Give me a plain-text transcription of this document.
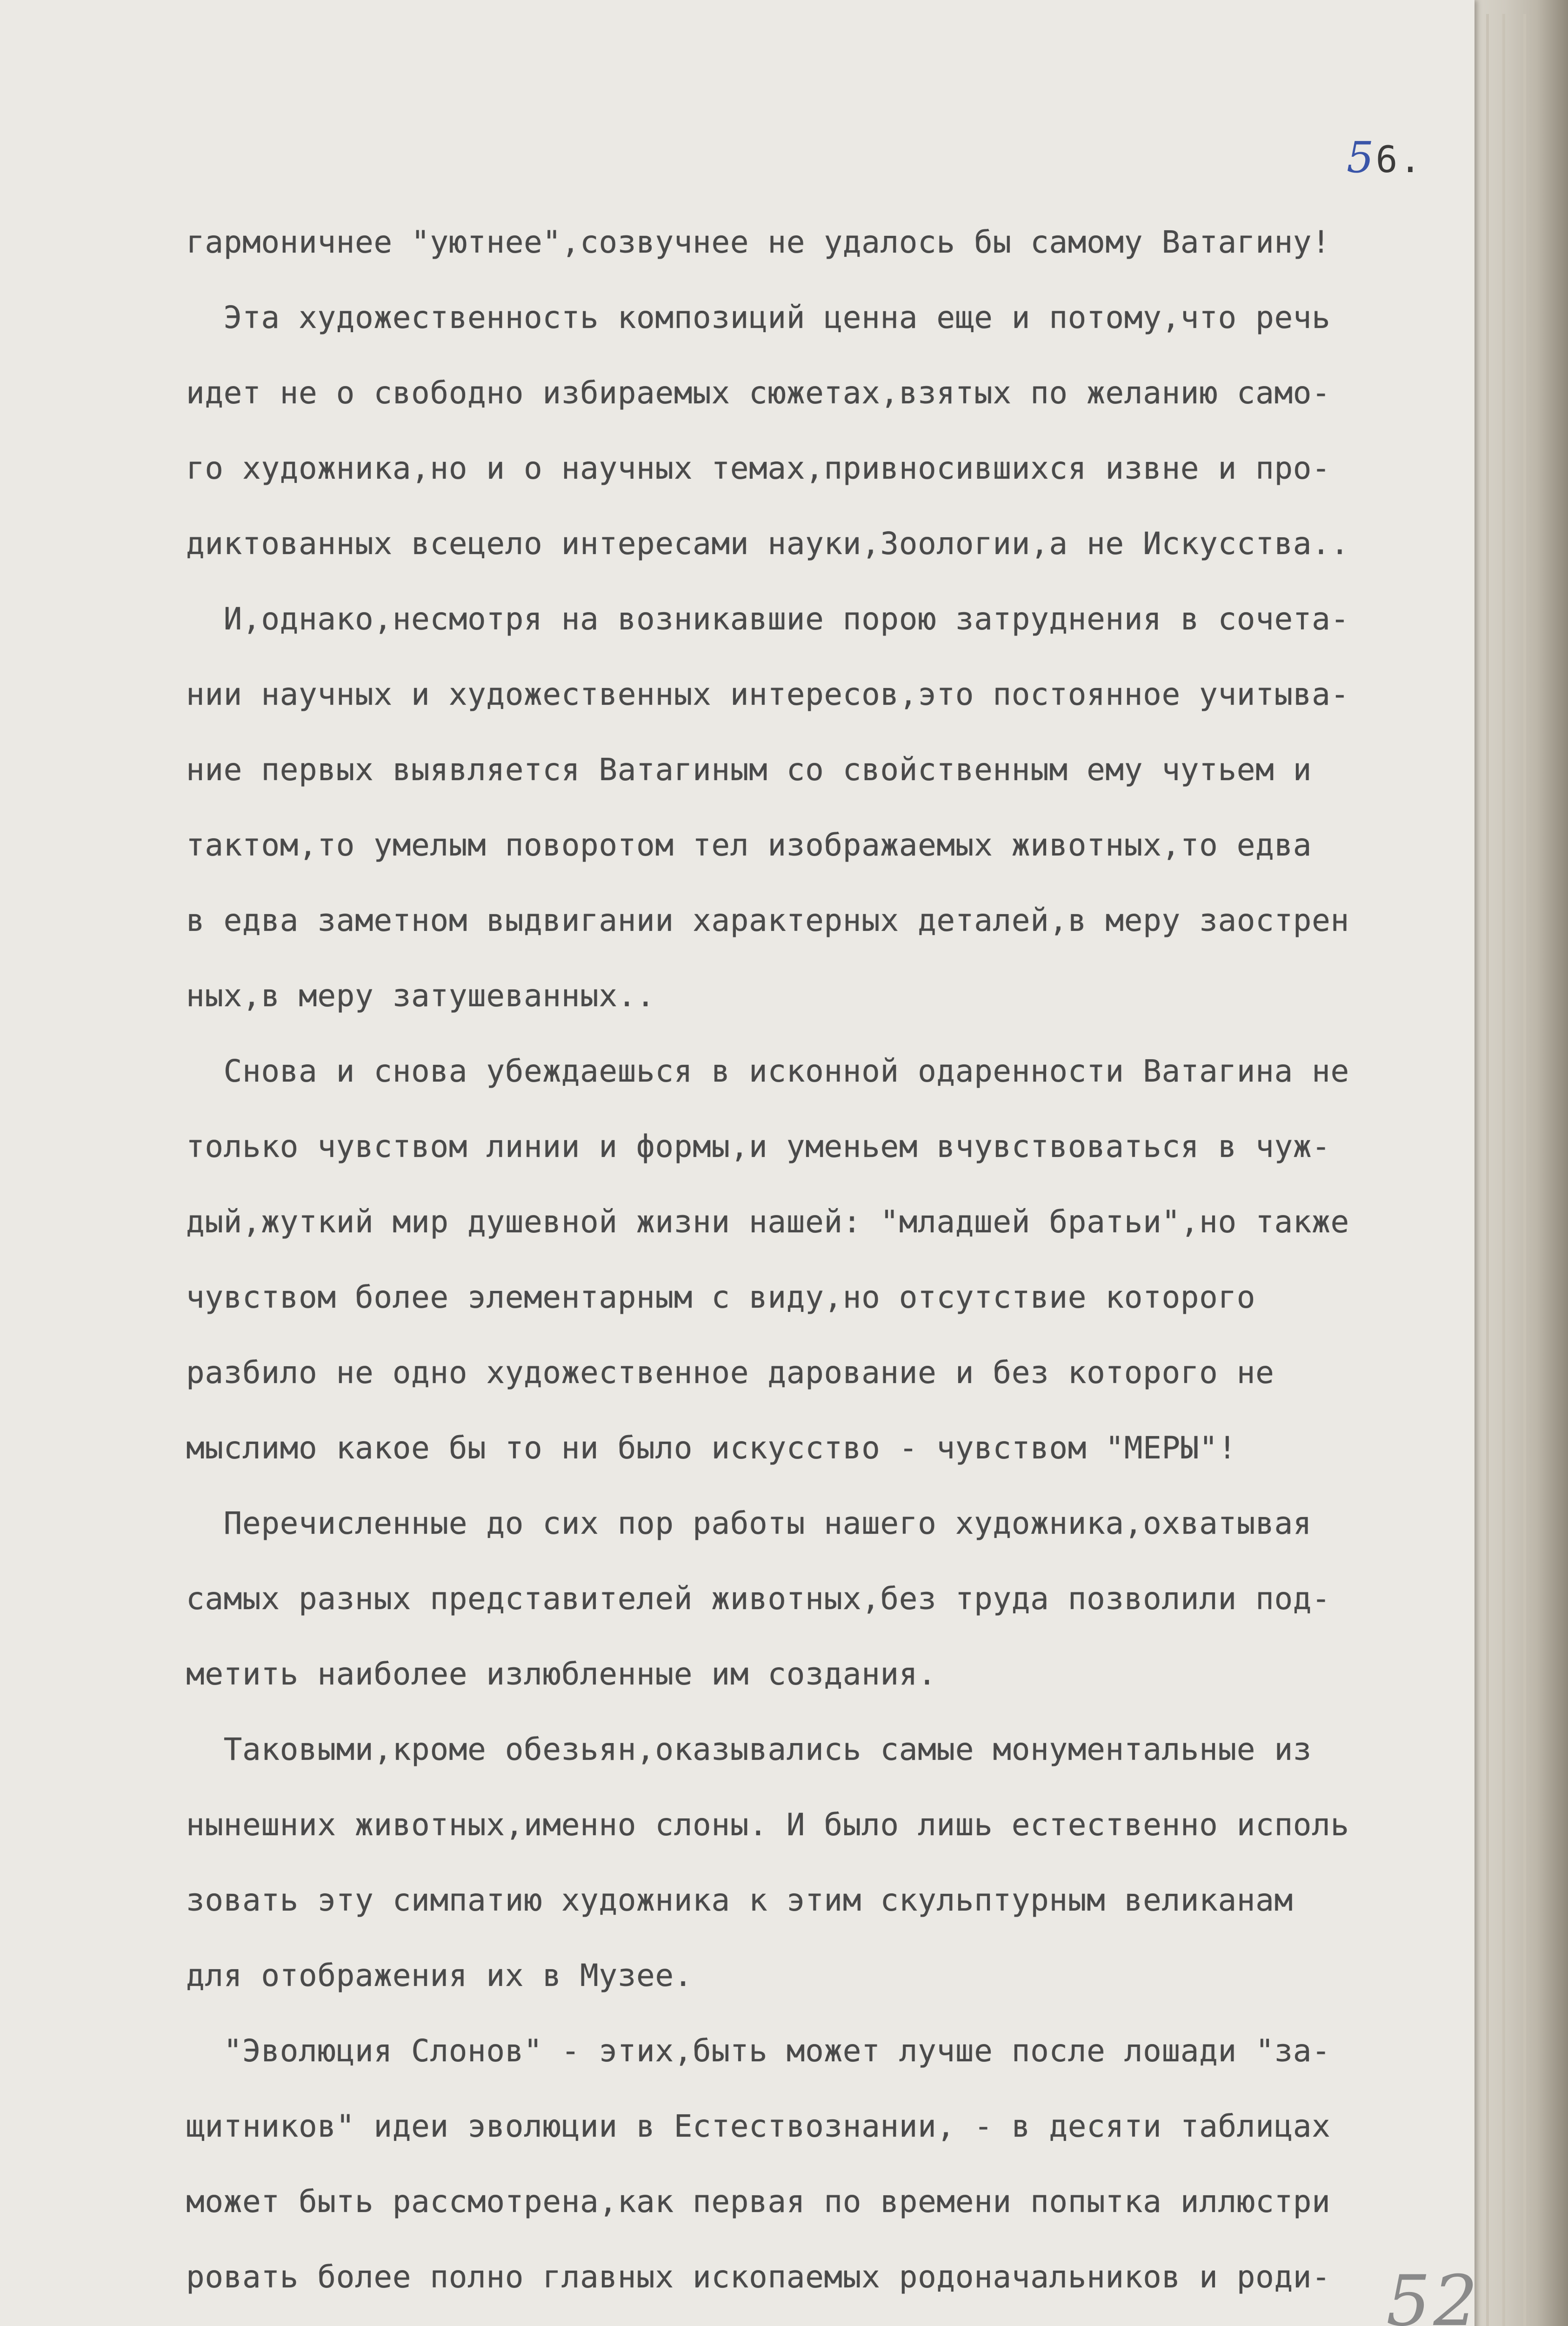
56.
гармоничнее "уютнее",созвучнее не удалось бы самому Ватагину!
Эта художественность композиций ценна еще и потому,что речь
идет не о свободно избираемых сюжетах,взятых по желанию само-
го художника,но и о научных темах,привносившихся извне и про-
диктованных всецело интересами науки,Зоологии,а не Искусства..
И,однако,несмотря на возникавшие порою затруднения в сочета-
нии научных и художественных интересов,это постоянное учитыва-
ние первых выявляется Ватагиным со свойственным ему чутьем и
тактом,то умелым поворотом тел изображаемых животных,то едва
в едва заметном выдвигании характерных деталей,в меру заострен
ных,в меру затушеванных..
Снова и снова убеждаешься в исконной одаренности Ватагина не
только чувством линии и формы,и уменьем вчувствоваться в чуж-
дый,жуткий мир душевной жизни нашей: "младшей братьи",но также
чувством более элементарным с виду,но отсутствие которого
разбило не одно художественное дарование и без которого не
мыслимо какое бы то ни было искусство - чувством "МЕРЫ"!
Перечисленные до сих пор работы нашего художника,охватывая
самых разных представителей животных,без труда позволили под-
метить наиболее излюбленные им создания.
Таковыми,кроме обезьян,оказывались самые монументальные из
нынешних животных,именно слоны. И было лишь естественно исполь
зовать эту симпатию художника к этим скульптурным великанам
для отображения их в Музее.
"Эволюция Слонов" - этих,быть может лучше после лошади "за-
щитников" идеи эволюции в Естествознании, - в десяти таблицах
может быть рассмотрена,как первая по времени попытка иллюстри
ровать более полно главных ископаемых родоначальников и роди- 52
